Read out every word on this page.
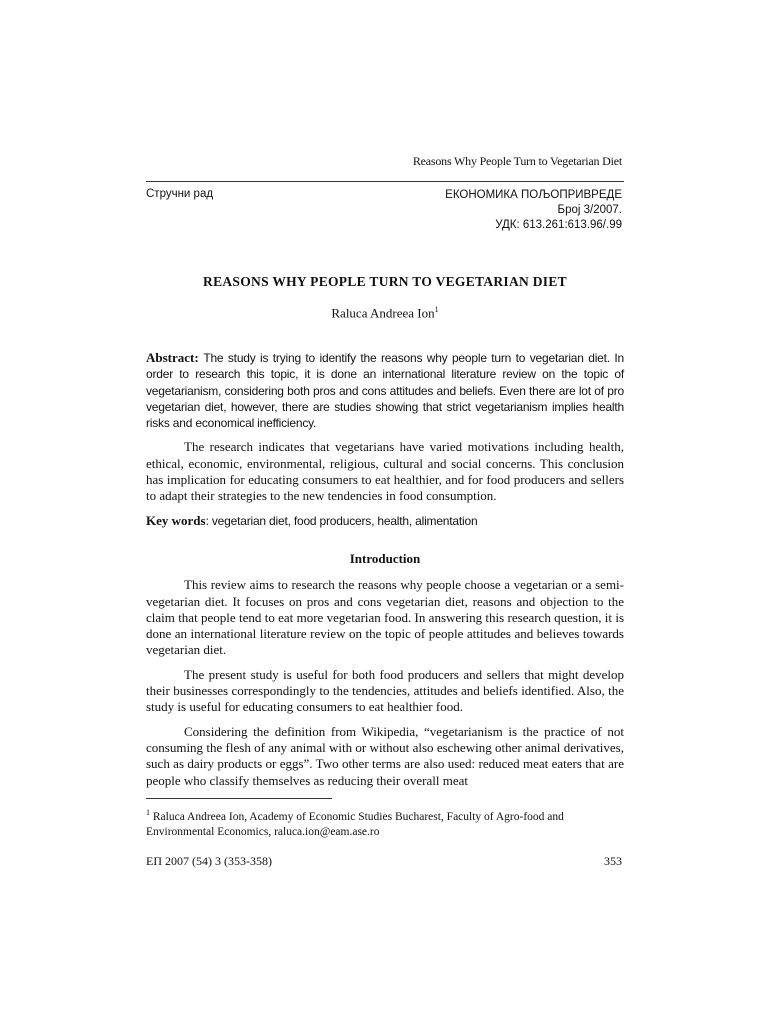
Reasons Why People Turn to Vegetarian Diet
Стручни рад	ЕКОНОМИКА ПОЉОПРИВРЕДЕ
Број 3/2007.
УДК: 613.261:613.96/.99
REASONS WHY PEOPLE TURN TO VEGETARIAN DIET
Raluca Andreea Ion$^1$

Abstract: The study is trying to identify the reasons why people turn to vegetarian diet. In order to research this topic, it is done an international literature review on the topic of vegetarianism, considering both pros and cons attitudes and beliefs. Even there are lot of pro vegetarian diet, however, there are studies showing that strict vegetarianism implies health risks and economical inefficiency.

The research indicates that vegetarians have varied motivations including health, ethical, economic, environmental, religious, cultural and social concerns. This conclusion has implication for educating consumers to eat healthier, and for food producers and sellers to adapt their strategies to the new tendencies in food consumption.

Key words: vegetarian diet, food producers, health, alimentation

Introduction

This review aims to research the reasons why people choose a vegetarian or a semi-vegetarian diet. It focuses on pros and cons vegetarian diet, reasons and objection to the claim that people tend to eat more vegetarian food. In answering this research question, it is done an international literature review on the topic of people attitudes and believes towards vegetarian diet.

The present study is useful for both food producers and sellers that might develop their businesses correspondingly to the tendencies, attitudes and beliefs identified. Also, the study is useful for educating consumers to eat healthier food.

Considering the definition from Wikipedia, “vegetarianism is the practice of not consuming the flesh of any animal with or without also eschewing other animal derivatives, such as dairy products or eggs”. Two other terms are also used: reduced meat eaters that are people who classify themselves as reducing their overall meat

$^1$ Raluca Andreea Ion, Academy of Economic Studies Bucharest, Faculty of Agro-food and Environmental Economics, raluca.ion@eam.ase.ro
ЕП 2007 (54) 3 (353-358)	353
